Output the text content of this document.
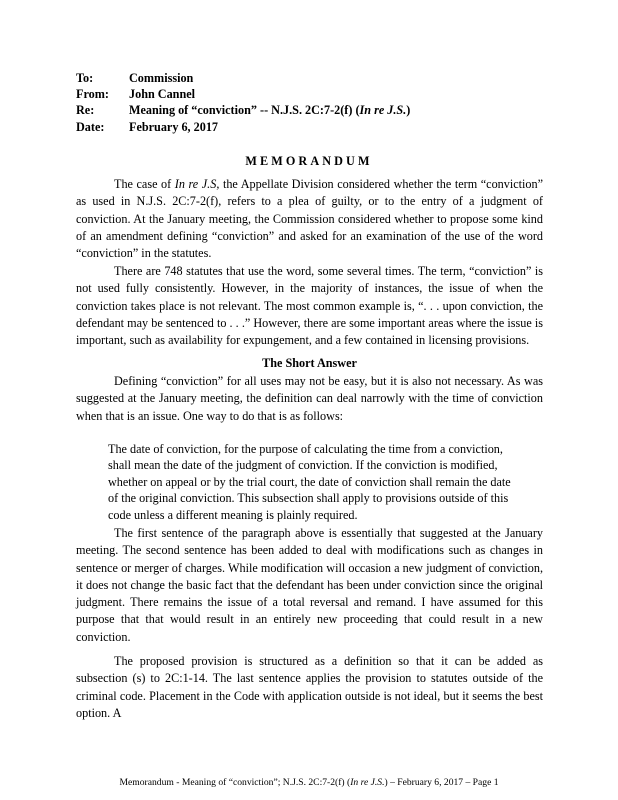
To:	Commission
From:	John Cannel
Re:	Meaning of “conviction” -- N.J.S. 2C:7-2(f) (In re J.S.)
Date:	February 6, 2017
MEMORANDUM

The case of In re J.S, the Appellate Division considered whether the term “conviction” as used in N.J.S. 2C:7-2(f), refers to a plea of guilty, or to the entry of a judgment of conviction. At the January meeting, the Commission considered whether to propose some kind of an amendment defining “conviction” and asked for an examination of the use of the word “conviction” in the statutes.

There are 748 statutes that use the word, some several times. The term, “conviction” is not used fully consistently. However, in the majority of instances, the issue of when the conviction takes place is not relevant. The most common example is, “. . . upon conviction, the defendant may be sentenced to . . .” However, there are some important areas where the issue is important, such as availability for expungement, and a few contained in licensing provisions.

The Short Answer

Defining “conviction” for all uses may not be easy, but it is also not necessary. As was suggested at the January meeting, the definition can deal narrowly with the time of conviction when that is an issue. One way to do that is as follows:

The date of conviction, for the purpose of calculating the time from a conviction, shall mean the date of the judgment of conviction. If the conviction is modified, whether on appeal or by the trial court, the date of conviction shall remain the date of the original conviction. This subsection shall apply to provisions outside of this code unless a different meaning is plainly required.

The first sentence of the paragraph above is essentially that suggested at the January meeting. The second sentence has been added to deal with modifications such as changes in sentence or merger of charges. While modification will occasion a new judgment of conviction, it does not change the basic fact that the defendant has been under conviction since the original judgment. There remains the issue of a total reversal and remand. I have assumed for this purpose that that would result in an entirely new proceeding that could result in a new conviction.

The proposed provision is structured as a definition so that it can be added as subsection (s) to 2C:1-14. The last sentence applies the provision to statutes outside of the criminal code. Placement in the Code with application outside is not ideal, but it seems the best option. A

Memorandum - Meaning of “conviction”; N.J.S. 2C:7-2(f) (In re J.S.) – February 6, 2017 – Page 1
